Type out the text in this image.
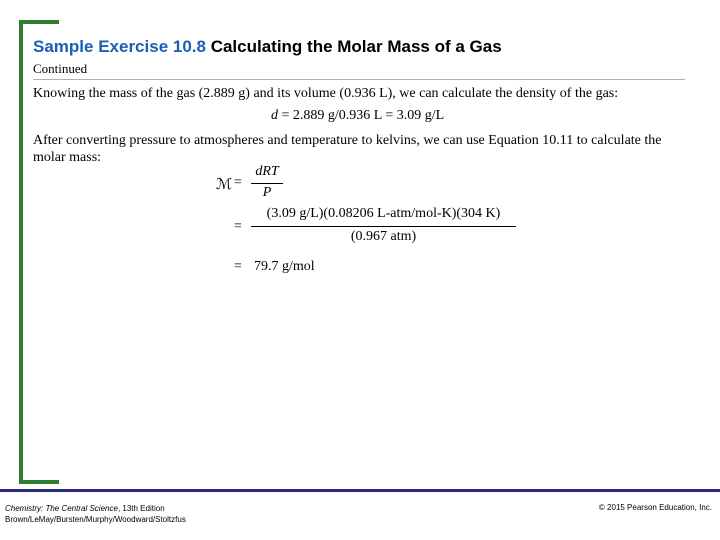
Sample Exercise 10.8 Calculating the Molar Mass of a Gas
Continued
Knowing the mass of the gas (2.889 g) and its volume (0.936 L), we can calculate the density of the gas:
d = 2.889 g/0.936 L = 3.09 g/L
After converting pressure to atmospheres and temperature to kelvins, we can use Equation 10.11 to calculate the molar mass:
ℳ =
dRT
P
=
(3.09 g/L)(0.08206 L-atm/mol-K)(304 K)
(0.967 atm)
= 79.7 g/mol
Chemistry: The Central Science, 13th Edition
Brown/LeMay/Bursten/Murphy/Woodward/Stoltzfus
© 2015 Pearson Education, Inc.
